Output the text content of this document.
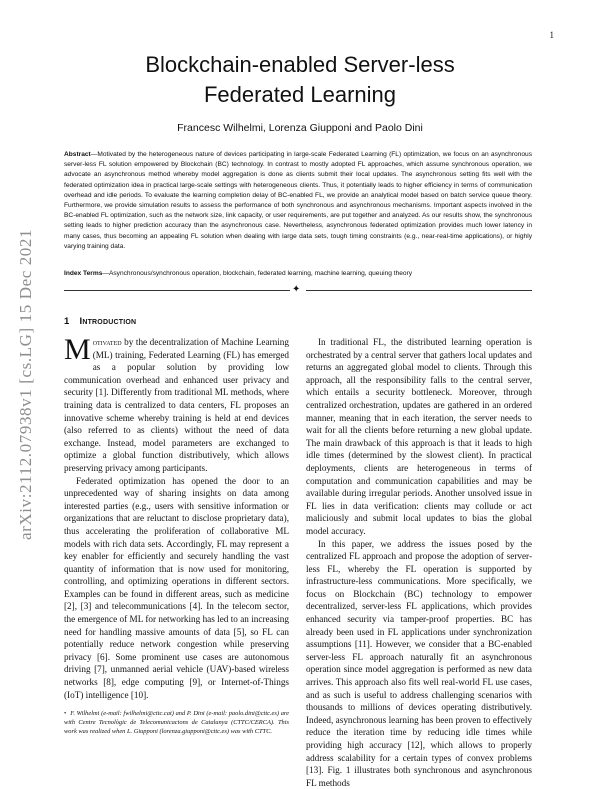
1
arXiv:2112.07938v1 [cs.LG] 15 Dec 2021
Blockchain-enabled Server-less
Federated Learning
Francesc Wilhelmi, Lorenza Giupponi and Paolo Dini

Abstract—Motivated by the heterogeneous nature of devices participating in large-scale Federated Learning (FL) optimization, we focus on an asynchronous server-less FL solution empowered by Blockchain (BC) technology. In contrast to mostly adopted FL approaches, which assume synchronous operation, we advocate an asynchronous method whereby model aggregation is done as clients submit their local updates. The asynchronous setting fits well with the federated optimization idea in practical large-scale settings with heterogeneous clients. Thus, it potentially leads to higher efficiency in terms of communication overhead and idle periods. To evaluate the learning completion delay of BC-enabled FL, we provide an analytical model based on batch service queue theory. Furthermore, we provide simulation results to assess the performance of both synchronous and asynchronous mechanisms. Important aspects involved in the BC-enabled FL optimization, such as the network size, link capacity, or user requirements, are put together and analyzed. As our results show, the synchronous setting leads to higher prediction accuracy than the asynchronous case. Nevertheless, asynchronous federated optimization provides much lower latency in many cases, thus becoming an appealing FL solution when dealing with large data sets, tough timing constraints (e.g., near-real-time applications), or highly varying training data.

Index Terms—Asynchronous/synchronous operation, blockchain, federated learning, machine learning, queuing theory

✦
1 Introduction

Motivated by the decentralization of Machine Learning (ML) training, Federated Learning (FL) has emerged as a popular solution by providing low communication overhead and enhanced user privacy and security [1]. Differently from traditional ML methods, where training data is centralized to data centers, FL proposes an innovative scheme whereby training is held at end devices (also referred to as clients) without the need of data exchange. Instead, model parameters are exchanged to optimize a global function distributively, which allows preserving privacy among participants.

Federated optimization has opened the door to an unprecedented way of sharing insights on data among interested parties (e.g., users with sensitive information or organizations that are reluctant to disclose proprietary data), thus accelerating the proliferation of collaborative ML models with rich data sets. Accordingly, FL may represent a key enabler for efficiently and securely handling the vast quantity of information that is now used for monitoring, controlling, and optimizing operations in different sectors. Examples can be found in different areas, such as medicine [2], [3] and telecommunications [4]. In the telecom sector, the emergence of ML for networking has led to an increasing need for handling massive amounts of data [5], so FL can potentially reduce network congestion while preserving privacy [6]. Some prominent use cases are autonomous driving [7], unmanned aerial vehicle (UAV)-based wireless networks [8], edge computing [9], or Internet-of-Things (IoT) intelligence [10].

• F. Wilhelmi (e-mail: fwilhelmi@cttc.cat) and P. Dini (e-mail: paolo.dini@cttc.es) are with Centre Tecnològic de Telecomunicacions de Catalunya (CTTC/CERCA). This work was realized when L. Giupponi (lorenza.giupponi@cttc.es) was with CTTC.

In traditional FL, the distributed learning operation is orchestrated by a central server that gathers local updates and returns an aggregated global model to clients. Through this approach, all the responsibility falls to the central server, which entails a security bottleneck. Moreover, through centralized orchestration, updates are gathered in an ordered manner, meaning that in each iteration, the server needs to wait for all the clients before returning a new global update. The main drawback of this approach is that it leads to high idle times (determined by the slowest client). In practical deployments, clients are heterogeneous in terms of computation and communication capabilities and may be available during irregular periods. Another unsolved issue in FL lies in data verification: clients may collude or act maliciously and submit local updates to bias the global model accuracy.

In this paper, we address the issues posed by the centralized FL approach and propose the adoption of server-less FL, whereby the FL operation is supported by infrastructure-less communications. More specifically, we focus on Blockchain (BC) technology to empower decentralized, server-less FL applications, which provides enhanced security via tamper-proof properties. BC has already been used in FL applications under synchronization assumptions [11]. However, we consider that a BC-enabled server-less FL approach naturally fit an asynchronous operation since model aggregation is performed as new data arrives. This approach also fits well real-world FL use cases, and as such is useful to address challenging scenarios with thousands to millions of devices operating distributively. Indeed, asynchronous learning has been proven to effectively reduce the iteration time by reducing idle times while providing high accuracy [12], which allows to properly address scalability for a certain types of convex problems [13]. Fig. 1 illustrates both synchronous and asynchronous FL methods
